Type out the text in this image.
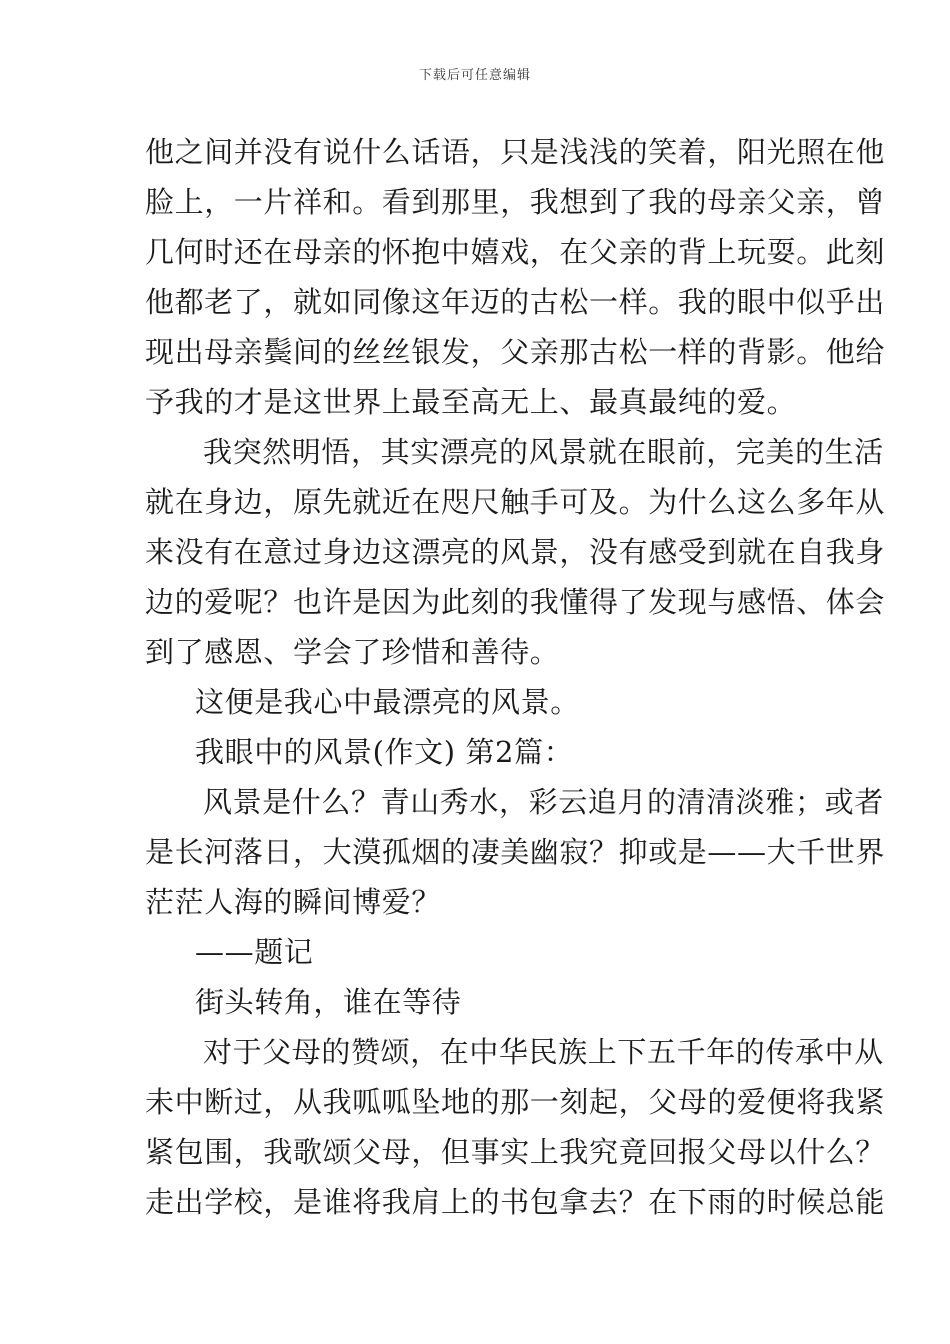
下载后可任意编辑
他之间并没有说什么话语，只是浅浅的笑着，阳光照在他
脸上，一片祥和。看到那里，我想到了我的母亲父亲，曾
几何时还在母亲的怀抱中嬉戏，在父亲的背上玩耍。此刻
他都老了，就如同像这年迈的古松一样。我的眼中似乎出
现出母亲鬓间的丝丝银发，父亲那古松一样的背影。他给
予我的才是这世界上最至高无上、最真最纯的爱。
我突然明悟，其实漂亮的风景就在眼前，完美的生活
就在身边，原先就近在咫尺触手可及。为什么这么多年从
来没有在意过身边这漂亮的风景，没有感受到就在自我身
边的爱呢？也许是因为此刻的我懂得了发现与感悟、体会
到了感恩、学会了珍惜和善待。
这便是我心中最漂亮的风景。
我眼中的风景(作文) 第2篇：
风景是什么？青山秀水，彩云追月的清清淡雅；或者
是长河落日，大漠孤烟的凄美幽寂？抑或是——大千世界
茫茫人海的瞬间博爱？
——题记
街头转角，谁在等待
对于父母的赞颂，在中华民族上下五千年的传承中从
未中断过，从我呱呱坠地的那一刻起，父母的爱便将我紧
紧包围，我歌颂父母，但事实上我究竟回报父母以什么？
走出学校，是谁将我肩上的书包拿去？在下雨的时候总能
